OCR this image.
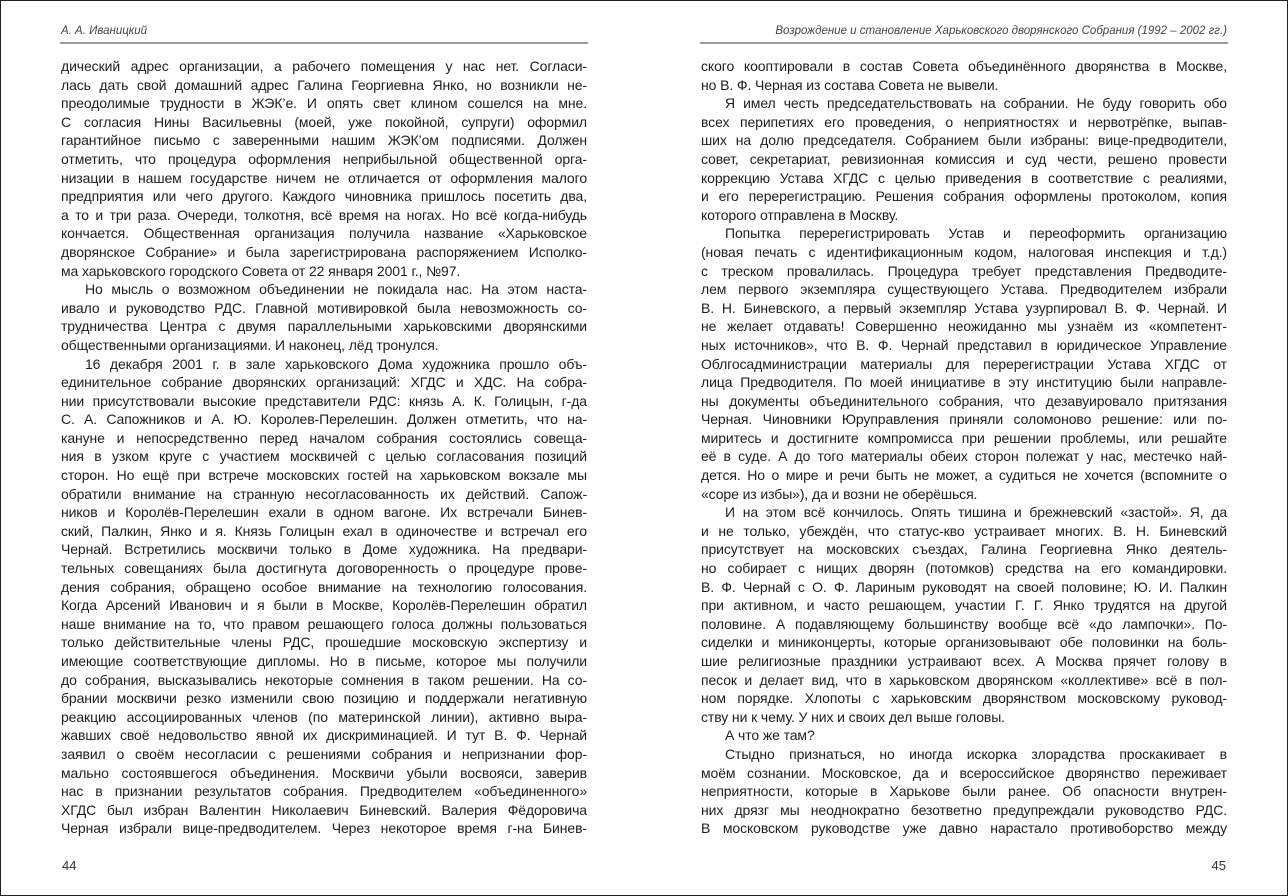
А. А. Иваницкий
дический адрес организации, а рабочего помещения у нас нет. Согласи-
лась дать свой домашний адрес Галина Георгиевна Янко, но возникли не-
преодолимые трудности в ЖЭК’е. И опять свет клином сошелся на мне.
С согласия Нины Васильевны (моей, уже покойной, супруги) оформил
гарантийное письмо с заверенными нашим ЖЭК’ом подписями. Должен
отметить, что процедура оформления неприбыльной общественной орга-
низации в нашем государстве ничем не отличается от оформления малого
предприятия или чего другого. Каждого чиновника пришлось посетить два,
а то и три раза. Очереди, толкотня, всё время на ногах. Но всё когда-нибудь
кончается. Общественная организация получила название «Харьковское
дворянское Собрание» и была зарегистрирована распоряжением Исполко-
ма харьковского городского Совета от 22 января 2001 г., №97.
Но мысль о возможном объединении не покидала нас. На этом наста-
ивало и руководство РДС. Главной мотивировкой была невозможность со-
трудничества Центра с двумя параллельными харьковскими дворянскими
общественными организациями. И наконец, лёд тронулся.
16 декабря 2001 г. в зале харьковского Дома художника прошло объ-
единительное собрание дворянских организаций: ХГДС и ХДС. На собра-
нии присутствовали высокие представители РДС: князь А. К. Голицын, г-да
С. А. Сапожников и А. Ю. Королев-Перелешин. Должен отметить, что на-
кануне и непосредственно перед началом собрания состоялись совеща-
ния в узком круге с участием москвичей с целью согласования позиций
сторон. Но ещё при встрече московских гостей на харьковском вокзале мы
обратили внимание на странную несогласованность их действий. Сапож-
ников и Королёв-Перелешин ехали в одном вагоне. Их встречали Бинев-
ский, Палкин, Янко и я. Князь Голицын ехал в одиночестве и встречал его
Чернай. Встретились москвичи только в Доме художника. На предвари-
тельных совещаниях была достигнута договоренность о процедуре прове-
дения собрания, обращено особое внимание на технологию голосования.
Когда Арсений Иванович и я были в Москве, Королёв-Перелешин обратил
наше внимание на то, что правом решающего голоса должны пользоваться
только действительные члены РДС, прошедшие московскую экспертизу и
имеющие соответствующие дипломы. Но в письме, которое мы получили
до собрания, высказывались некоторые сомнения в таком решении. На со-
брании москвичи резко изменили свою позицию и поддержали негативную
реакцию ассоциированных членов (по материнской линии), активно выра-
жавших своё недовольство явной их дискриминацией. И тут В. Ф. Чернай
заявил о своём несогласии с решениями собрания и непризнании фор-
мально состоявшегося объединения. Москвичи убыли восвояси, заверив
нас в признании результатов собрания. Предводителем «объединенного»
ХГДС был избран Валентин Николаевич Биневский. Валерия Фёдоровича
Черная избрали вице-предводителем. Через некоторое время г-на Бинев-
44
Возрождение и становление Харьковского дворянского Собрания (1992 – 2002 гг.)
ского кооптировали в состав Совета объединённого дворянства в Москве,
но В. Ф. Черная из состава Совета не вывели.
Я имел честь председательствовать на собрании. Не буду говорить обо
всех перипетиях его проведения, о неприятностях и нервотрёпке, выпав-
ших на долю председателя. Собранием были избраны: вице-предводители,
совет, секретариат, ревизионная комиссия и суд чести, решено провести
коррекцию Устава ХГДС с целью приведения в соответствие с реалиями,
и его перерегистрацию. Решения собрания оформлены протоколом, копия
которого отправлена в Москву.
Попытка перерегистрировать Устав и переоформить организацию
(новая печать с идентификационным кодом, налоговая инспекция и т.д.)
с треском провалилась. Процедура требует представления Предводите-
лем первого экземпляра существующего Устава. Предводителем избрали
В. Н. Биневского, а первый экземпляр Устава узурпировал В. Ф. Чернай. И
не желает отдавать! Совершенно неожиданно мы узнаём из «компетент-
ных источников», что В. Ф. Чернай представил в юридическое Управление
Облгосадминистрации материалы для перерегистрации Устава ХГДС от
лица Предводителя. По моей инициативе в эту институцию были направле-
ны документы объединительного собрания, что дезавуировало притязания
Черная. Чиновники Юруправления приняли соломоново решение: или по-
миритесь и достигните компромисса при решении проблемы, или решайте
её в суде. А до того материалы обеих сторон полежат у нас, местечко най-
дется. Но о мире и речи быть не может, а судиться не хочется (вспомните о
«соре из избы»), да и возни не оберёшься.
И на этом всё кончилось. Опять тишина и брежневский «застой». Я, да
и не только, убеждён, что статус-кво устраивает многих. В. Н. Биневский
присутствует на московских съездах, Галина Георгиевна Янко деятель-
но собирает с нищих дворян (потомков) средства на его командировки.
В. Ф. Чернай с О. Ф. Лариным руководят на своей половине; Ю. И. Палкин
при активном, и часто решающем, участии Г. Г. Янко трудятся на другой
половине. А подавляющему большинству вообще всё «до лампочки». По-
сиделки и миниконцерты, которые организовывают обе половинки на боль-
шие религиозные праздники устраивают всех. А Москва прячет голову в
песок и делает вид, что в харьковском дворянском «коллективе» всё в пол-
ном порядке. Хлопоты с харьковским дворянством московскому руковод-
ству ни к чему. У них и своих дел выше головы.
А что же там?
Стыдно признаться, но иногда искорка злорадства проскакивает в
моём сознании. Московское, да и всероссийское дворянство переживает
неприятности, которые в Харькове были ранее. Об опасности внутрен-
них дрязг мы неоднократно безответно предупреждали руководство РДС.
В московском руководстве уже давно нарастало противоборство между
45
